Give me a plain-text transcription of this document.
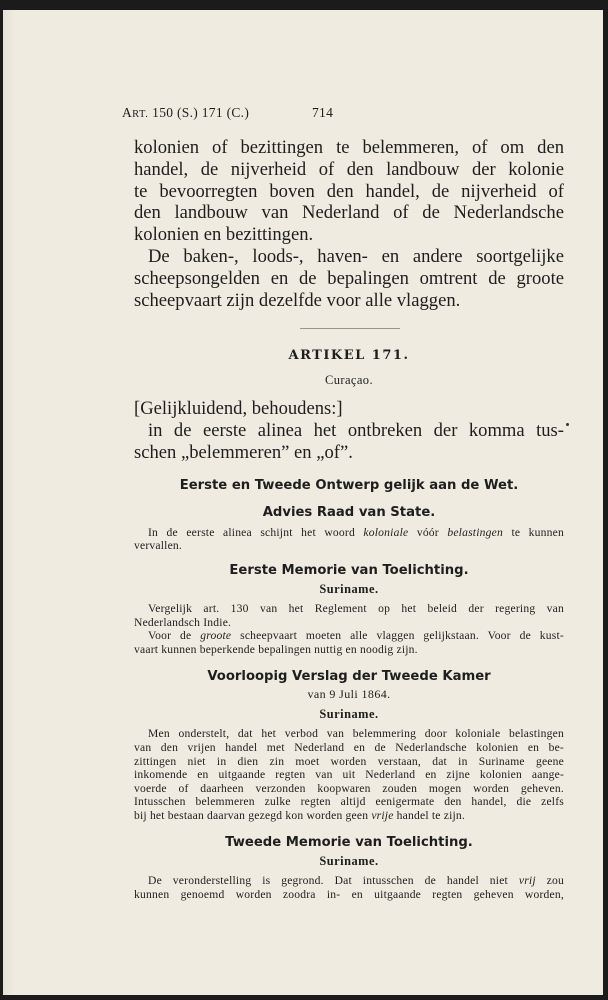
ART. 150 (S.) 171 (C.)	714

kolonien of bezittingen te belemmeren, of om den

handel, de nijverheid of den landbouw der kolonie

te bevoorregten boven den handel, de nijverheid of

den landbouw van Nederland of de Nederlandsche

kolonien en bezittingen.

De baken-, loods-, haven- en andere soortgelijke

scheepsongelden en de bepalingen omtrent de groote

scheepvaart zijn dezelfde voor alle vlaggen.

ARTIKEL 171.

Curaçao.

[Gelijkluidend, behoudens:]

in de eerste alinea het ontbreken der komma tus-

schen „belemmeren” en „of”.

Eerste en Tweede Ontwerp gelijk aan de Wet.

Advies Raad van State.

In de eerste alinea schijnt het woord koloniale vóór belastingen te kunnen

vervallen.

Eerste Memorie van Toelichting.

Suriname.

Vergelijk art. 130 van het Reglement op het beleid der regering van

Nederlandsch Indie.

Voor de groote scheepvaart moeten alle vlaggen gelijkstaan. Voor de kust-

vaart kunnen beperkende bepalingen nuttig en noodig zijn.

Voorloopig Verslag der Tweede Kamer

van 9 Juli 1864.

Suriname.

Men onderstelt, dat het verbod van belemmering door koloniale belastingen

van den vrijen handel met Nederland en de Nederlandsche kolonien en be-

zittingen niet in dien zin moet worden verstaan, dat in Suriname geene

inkomende en uitgaande regten van uit Nederland en zijne kolonien aange-

voerde of daarheen verzonden koopwaren zouden mogen worden geheven.

Intusschen belemmeren zulke regten altijd eenigermate den handel, die zelfs

bij het bestaan daarvan gezegd kon worden geen vrije handel te zijn.

Tweede Memorie van Toelichting.

Suriname.

De veronderstelling is gegrond. Dat intusschen de handel niet vrij zou

kunnen genoemd worden zoodra in- en uitgaande regten geheven worden,
